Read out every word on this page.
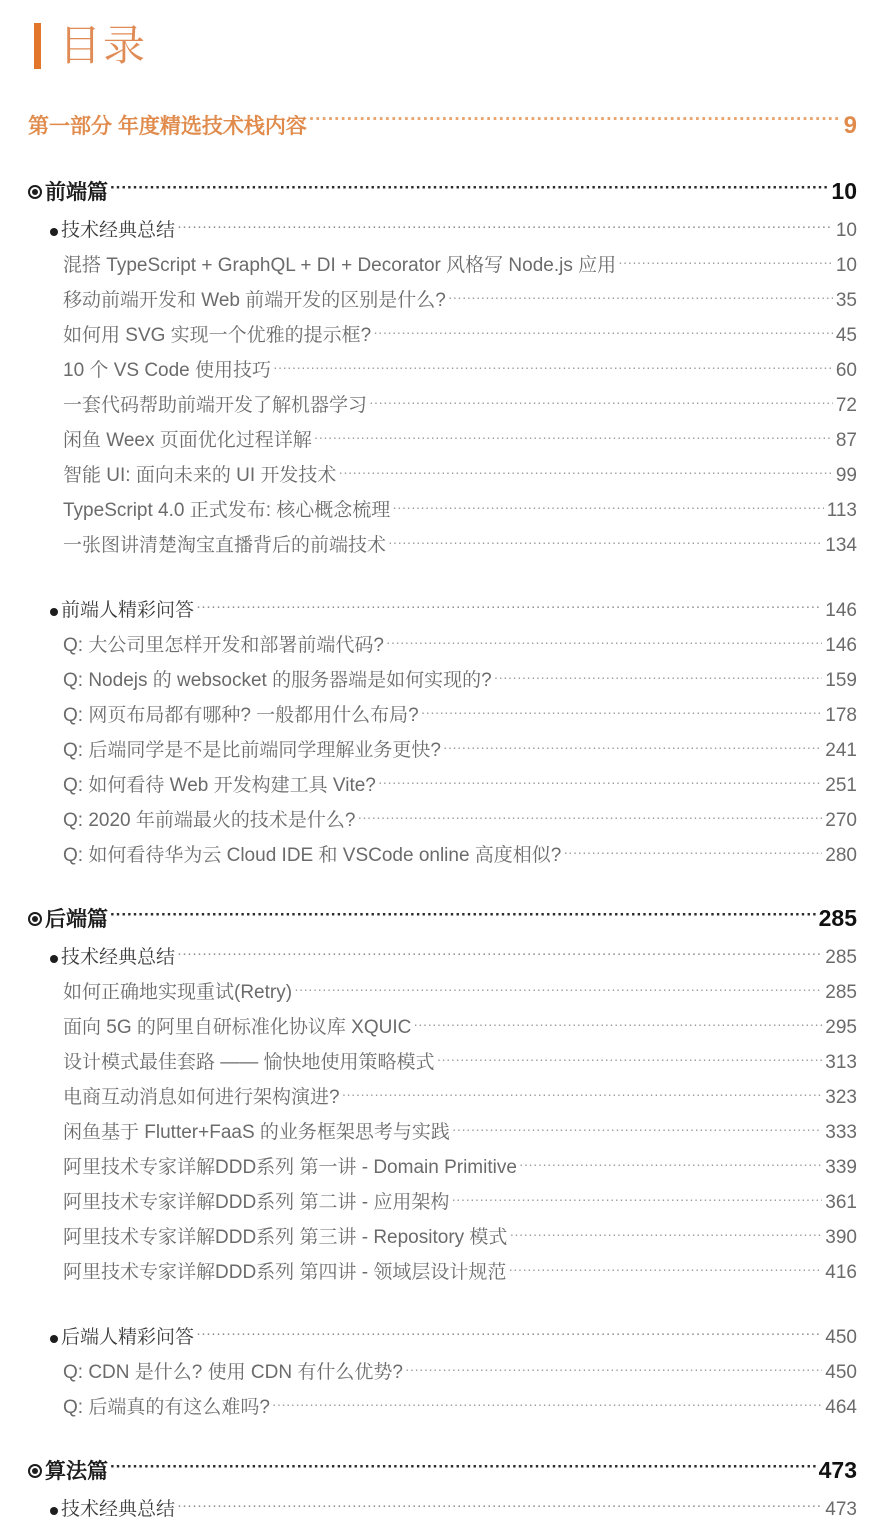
目录
第一部分 年度精选技术栈内容 ·····	9
前端篇 ·····	10
技术经典总结 ·····	10
混搭 TypeScript + GraphQL + DI + Decorator 风格写 Node.js 应用 ·····	10
移动前端开发和 Web 前端开发的区别是什么? ·····	35
如何用 SVG 实现一个优雅的提示框? ·····	45
10 个 VS Code 使用技巧 ·····	60
一套代码帮助前端开发了解机器学习 ·····	72
闲鱼 Weex 页面优化过程详解 ·····	87
智能 UI: 面向未来的 UI 开发技术 ·····	99
TypeScript 4.0 正式发布: 核心概念梳理 ·····	113
一张图讲清楚淘宝直播背后的前端技术 ·····	134
前端人精彩问答 ·····	146
Q: 大公司里怎样开发和部署前端代码? ·····	146
Q: Nodejs 的 websocket 的服务器端是如何实现的? ·····	159
Q: 网页布局都有哪种? 一般都用什么布局? ·····	178
Q: 后端同学是不是比前端同学理解业务更快? ·····	241
Q: 如何看待 Web 开发构建工具 Vite? ·····	251
Q: 2020 年前端最火的技术是什么? ·····	270
Q: 如何看待华为云 Cloud IDE 和 VSCode online 高度相似? ·····	280
后端篇 ·····	285
技术经典总结 ·····	285
如何正确地实现重试(Retry) ·····	285
面向 5G 的阿里自研标准化协议库 XQUIC ·····	295
设计模式最佳套路 —— 愉快地使用策略模式 ·····	313
电商互动消息如何进行架构演进? ·····	323
闲鱼基于 Flutter+FaaS 的业务框架思考与实践 ·····	333
阿里技术专家详解DDD系列 第一讲 - Domain Primitive ·····	339
阿里技术专家详解DDD系列 第二讲 - 应用架构 ·····	361
阿里技术专家详解DDD系列 第三讲 - Repository 模式 ·····	390
阿里技术专家详解DDD系列 第四讲 - 领域层设计规范 ·····	416
后端人精彩问答 ·····	450
Q: CDN 是什么? 使用 CDN 有什么优势? ·····	450
Q: 后端真的有这么难吗? ·····	464
算法篇 ·····	473
技术经典总结 ·····	473
